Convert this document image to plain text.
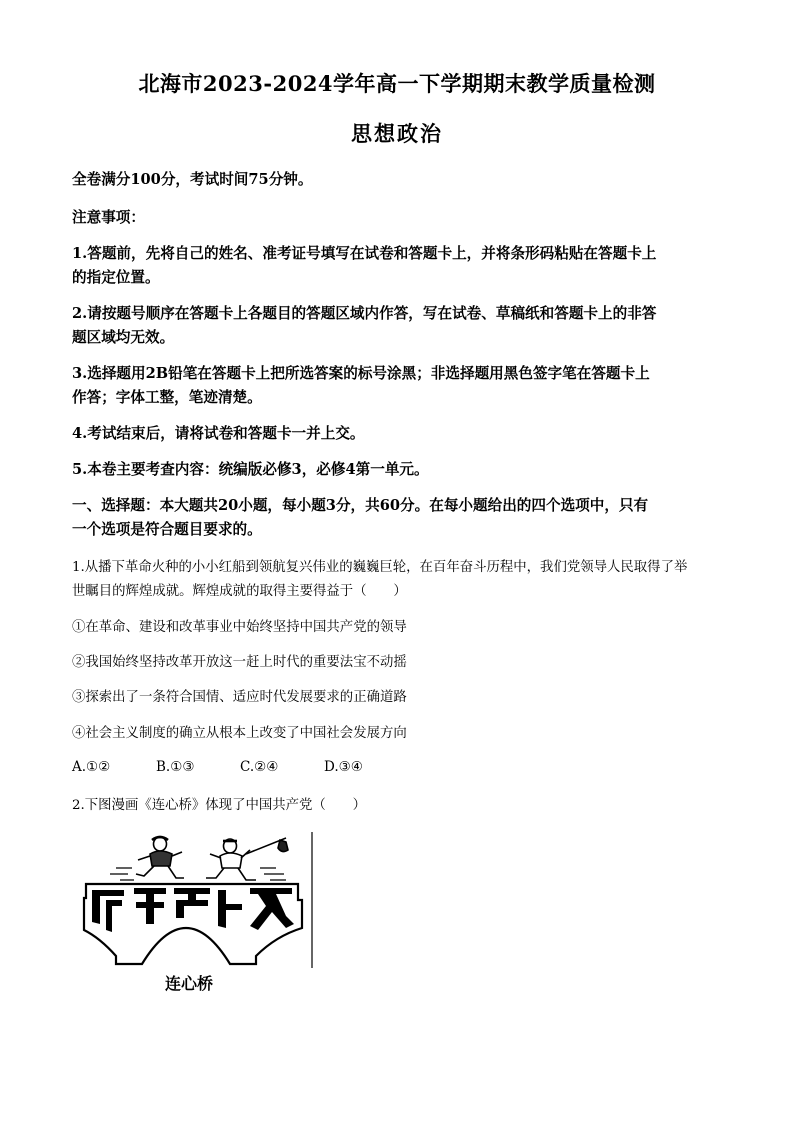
北海市2023-2024学年高一下学期期末教学质量检测
思想政治
全卷满分100分，考试时间75分钟。
注意事项：
1.答题前，先将自己的姓名、准考证号填写在试卷和答题卡上，并将条形码粘贴在答题卡上
的指定位置。
2.请按题号顺序在答题卡上各题目的答题区域内作答，写在试卷、草稿纸和答题卡上的非答
题区域均无效。
3.选择题用2B铅笔在答题卡上把所选答案的标号涂黑；非选择题用黑色签字笔在答题卡上
作答；字体工整，笔迹清楚。
4.考试结束后，请将试卷和答题卡一并上交。
5.本卷主要考查内容：统编版必修3，必修4第一单元。
一、选择题：本大题共20小题，每小题3分，共60分。在每小题给出的四个选项中，只有
一个选项是符合题目要求的。
1.从播下革命火种的小小红船到领航复兴伟业的巍巍巨轮，在百年奋斗历程中，我们党领导人民取得了举
世瞩目的辉煌成就。辉煌成就的取得主要得益于（　　）
①在革命、建设和改革事业中始终坚持中国共产党的领导
②我国始终坚持改革开放这一赶上时代的重要法宝不动摇
③探索出了一条符合国情、适应时代发展要求的正确道路
④社会主义制度的确立从根本上改变了中国社会发展方向
A.①②	B.①③	C.②④	D.③④
2.下图漫画《连心桥》体现了中国共产党（　　）
连心桥
